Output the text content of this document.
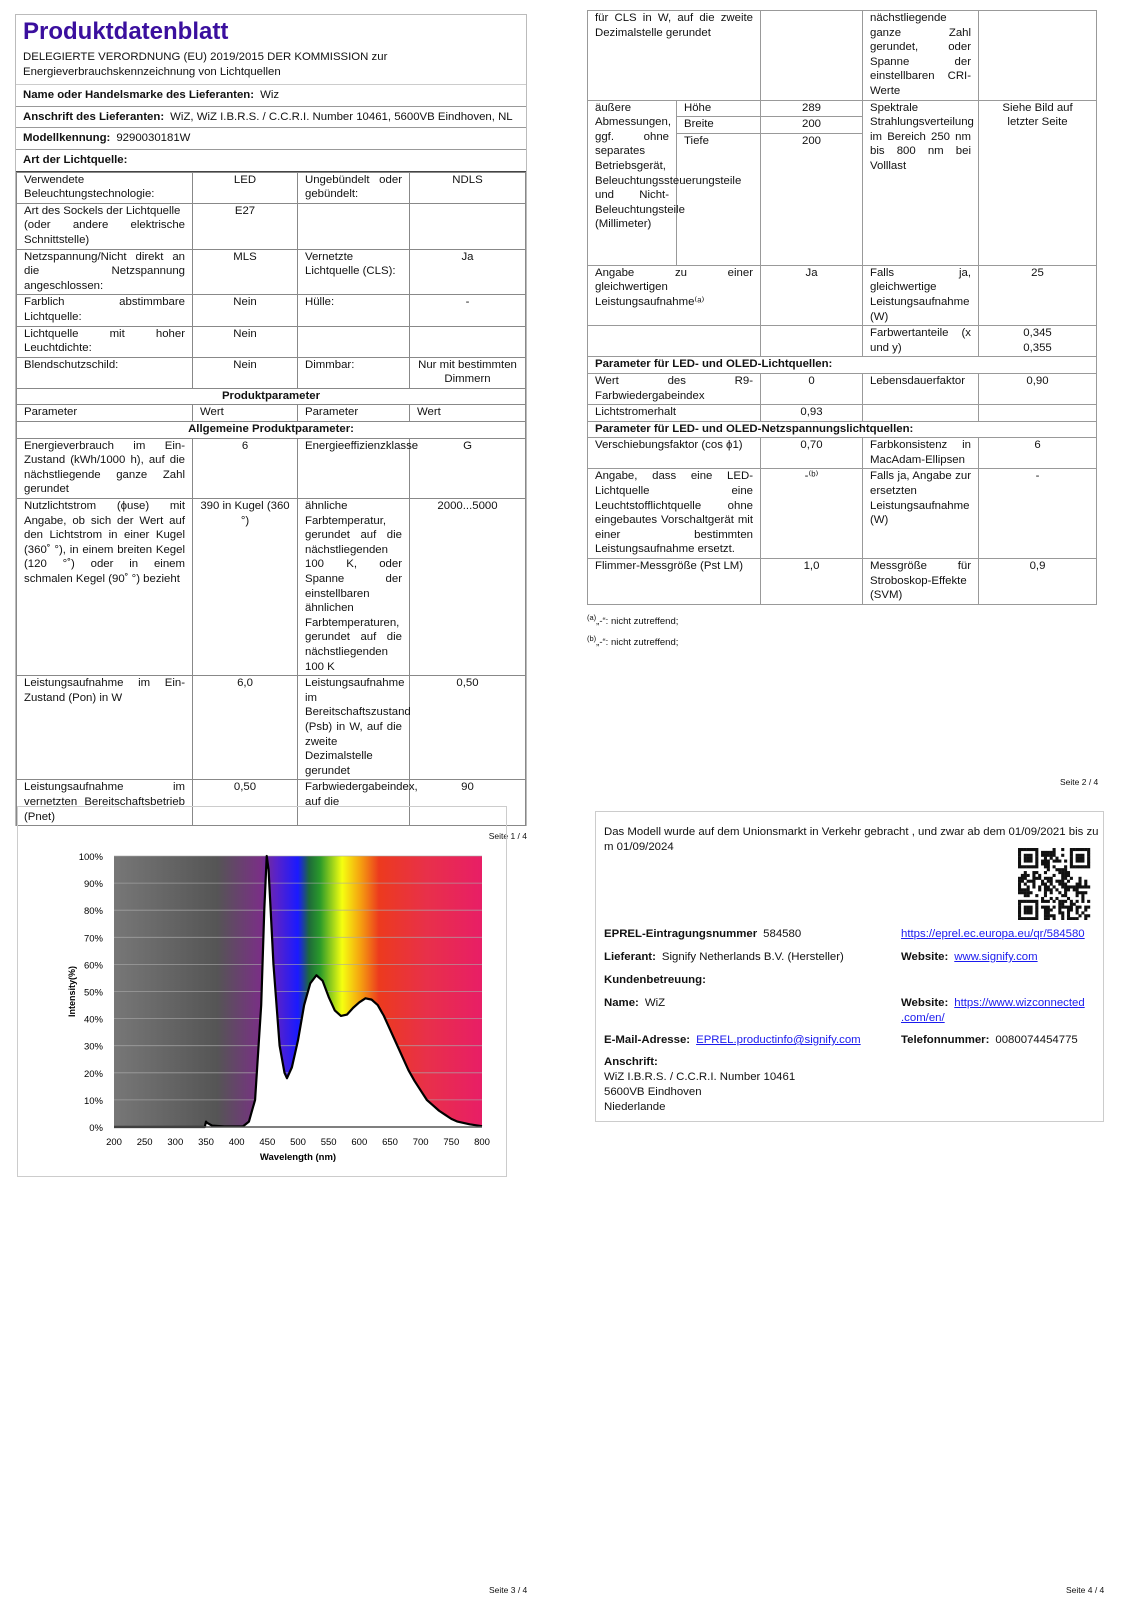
Produktdatenblatt
DELEGIERTE VERORDNUNG (EU) 2019/2015 DER KOMMISSION zur
Energieverbrauchskennzeichnung von Lichtquellen
Name oder Handelsmarke des Lieferanten: Wiz
Anschrift des Lieferanten: WiZ, WiZ I.B.R.S. / C.C.R.I. Number 10461, 5600VB Eindhoven, NL
Modellkennung: 9290030181W
Art der Lichtquelle:
Verwendete Beleuchtungstechnologie:	LED	Ungebündelt oder gebündelt:	NDLS
Art des Sockels der Lichtquelle
(oder andere elektrische Schnittstelle)	E27		
Netzspannung/Nicht direkt an die Netzspannung angeschlossen:	MLS	Vernetzte Lichtquelle (CLS):	Ja
Farblich abstimmbare Lichtquelle:	Nein	Hülle:	-
Lichtquelle mit hoher Leuchtdichte:	Nein		
Blendschutzschild:	Nein	Dimmbar:	Nur mit bestimmten Dimmern
Produktparameter			
Parameter	Wert	Parameter	Wert
Allgemeine Produktparameter:			
Energieverbrauch im Ein-Zustand (kWh/1000 h), auf die nächstliegende ganze Zahl gerundet	6	Energieeffizienzklasse	G
Nutzlichtstrom (ϕuse) mit Angabe, ob sich der Wert auf den Lichtstrom in einer Kugel (360˚ °), in einem breiten Kegel (120 °˚) oder in einem schmalen Kegel (90˚ °) bezieht	390 in Kugel (360 °)	ähnliche Farbtemperatur, gerundet auf die nächstliegenden 100 K, oder Spanne der einstellbaren ähnlichen Farbtemperaturen, gerundet auf die nächstliegenden 100 K	2000...5000
Leistungsaufnahme im Ein-Zustand (Pon) in W	6,0	Leistungsaufnahme im Bereitschaftszustand (Psb) in W, auf die zweite Dezimalstelle gerundet	0,50
Leistungsaufnahme im vernetzten Bereitschaftsbetrieb (Pnet)	0,50	Farbwiedergabeindex, auf die	90
Seite 1 / 4
für CLS in W, auf die zweite Dezimalstelle gerundet			nächstliegende ganze Zahl gerundet, oder Spanne der einstellbaren CRI-Werte	
äußere Abmessungen, ggf. ohne separates Betriebsgerät, Beleuchtungssteuerungsteile und Nicht-Beleuchtungsteile (Millimeter)	Höhe	289	Spektrale Strahlungsverteilung im Bereich 250 nm bis 800 nm bei Volllast	Siehe Bild auf letzter Seite
	Breite	200		
	Tiefe	200		
Angabe zu einer gleichwertigen Leistungsaufnahme⁽ᵃ⁾		Ja	Falls ja, gleichwertige Leistungsaufnahme (W)	25
			Farbwertanteile (x und y)	0,345
0,355
Parameter für LED- und OLED-Lichtquellen:				
Wert des R9-Farbwiedergabeindex		0	Lebensdauerfaktor	0,90
Lichtstromerhalt		0,93		
Parameter für LED- und OLED-Netzspannungslichtquellen:				
Verschiebungsfaktor (cos ϕ1)		0,70	Farbkonsistenz in MacAdam-Ellipsen	6
Angabe, dass eine LED-Lichtquelle eine Leuchtstofflichtquelle ohne eingebautes Vorschaltgerät mit einer bestimmten Leistungsaufnahme ersetzt.		-⁽ᵇ⁾	Falls ja, Angabe zur ersetzten Leistungsaufnahme (W)	-
Flimmer-Messgröße (Pst LM)		1,0	Messgröße für Stroboskop-Effekte (SVM)	0,9
$^{(a)}$„-“: nicht zutreffend;
$^{(b)}$„-“: nicht zutreffend;
Seite 2 / 4
0%
10%
20%
30%
40%
50%
60%
70%
80%
90%
100%
200 250 300 350 400 450 500 550 600 650 700 750 800
Wavelength (nm)
Intensity(%)
Seite 3 / 4
Das Modell wurde auf dem Unionsmarkt in Verkehr gebracht , und zwar ab dem 01/09/2021 bis zu
m 01/09/2024
EPREL-Eintragungsnummer 584580	https://eprel.ec.europa.eu/qr/584580
Lieferant: Signify Netherlands B.V. (Hersteller)	Website: www.signify.com
Kundenbetreuung:
Name: WiZ	Website: https://www.wizconnected
.com/en/
E-Mail-Adresse: EPREL.productinfo@signify.com	Telefonnummer: 0080074454775
Anschrift:
WiZ I.B.R.S. / C.C.R.I. Number 10461
5600VB Eindhoven
Niederlande
Seite 4 / 4
